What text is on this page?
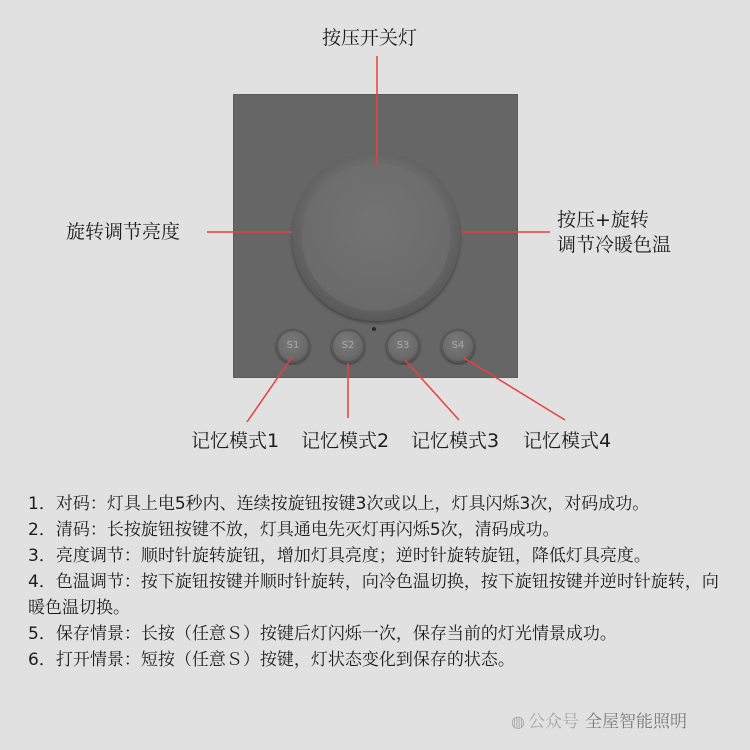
按压开关灯
旋转调节亮度
按压+旋转
调节冷暖色温
S1	S2	S3	S4
记忆模式1 记忆模式2 记忆模式3 记忆模式4

1．对码：灯具上电5秒内、连续按旋钮按键3次或以上，灯具闪烁3次，对码成功。

2．清码：长按旋钮按键不放，灯具通电先灭灯再闪烁5次，清码成功。

3．亮度调节：顺时针旋转旋钮，增加灯具亮度；逆时针旋转旋钮，降低灯具亮度。

4．色温调节：按下旋钮按键并顺时针旋转，向冷色温切换，按下旋钮按键并逆时针旋转，向暖色温切换。

5．保存情景：长按（任意Ｓ）按键后灯闪烁一次，保存当前的灯光情景成功。

6．打开情景：短按（任意Ｓ）按键，灯状态变化到保存的状态。

◍ 公众号 全屋智能照明
